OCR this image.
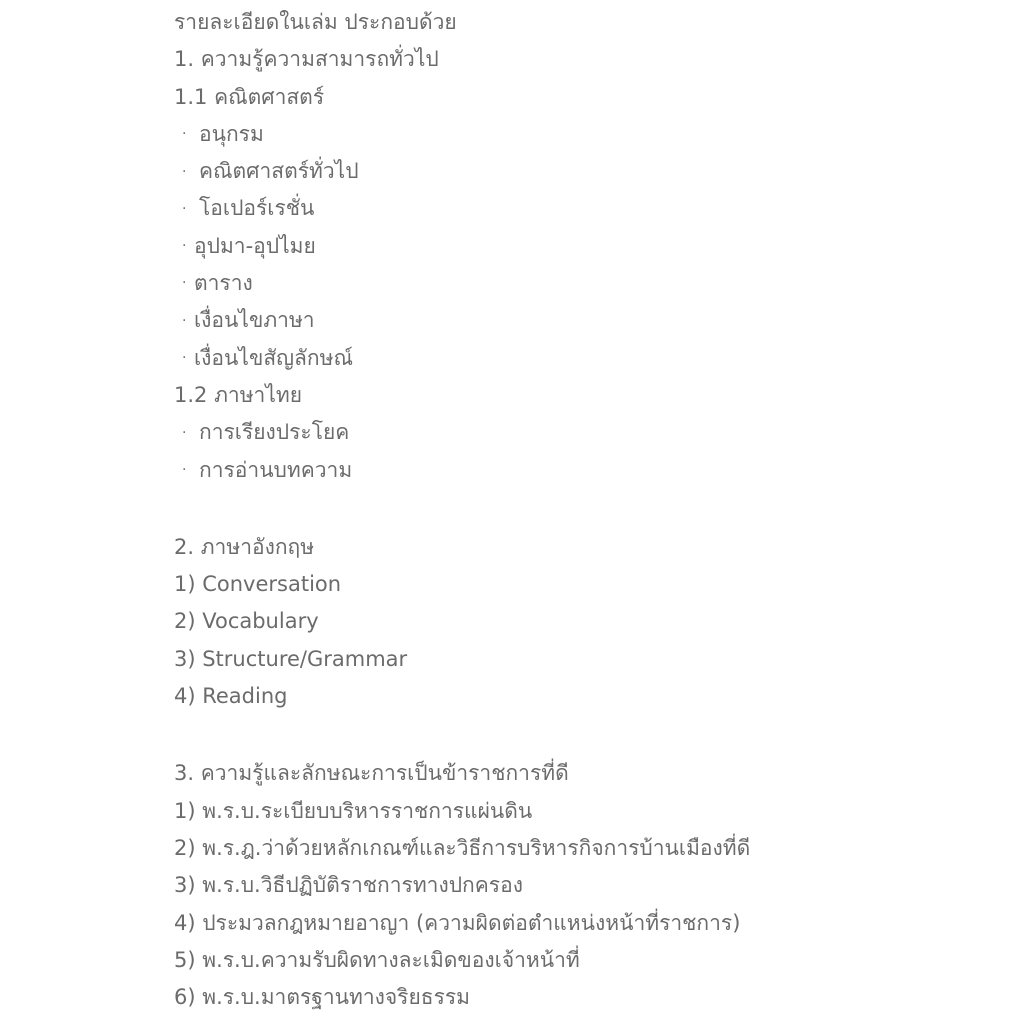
รายละเอียดในเล่ม ประกอบด้วย
1. ความรู้ความสามารถทั่วไป
1.1 คณิตศาสตร์
· อนุกรม
· คณิตศาสตร์ทั่วไป
· โอเปอร์เรชั่น
· อุปมา-อุปไมย
· ตาราง
· เงื่อนไขภาษา
· เงื่อนไขสัญลักษณ์
1.2 ภาษาไทย
· การเรียงประโยค
· การอ่านบทความ
2. ภาษาอังกฤษ
1) Conversation
2) Vocabulary
3) Structure/Grammar
4) Reading
3. ความรู้และลักษณะการเป็นข้าราชการที่ดี
1) พ.ร.บ.ระเบียบบริหารราชการแผ่นดิน
2) พ.ร.ฎ.ว่าด้วยหลักเกณฑ์และวิธีการบริหารกิจการบ้านเมืองที่ดี
3) พ.ร.บ.วิธีปฏิบัติราชการทางปกครอง
4) ประมวลกฎหมายอาญา (ความผิดต่อตำแหน่งหน้าที่ราชการ)
5) พ.ร.บ.ความรับผิดทางละเมิดของเจ้าหน้าที่
6) พ.ร.บ.มาตรฐานทางจริยธรรม
